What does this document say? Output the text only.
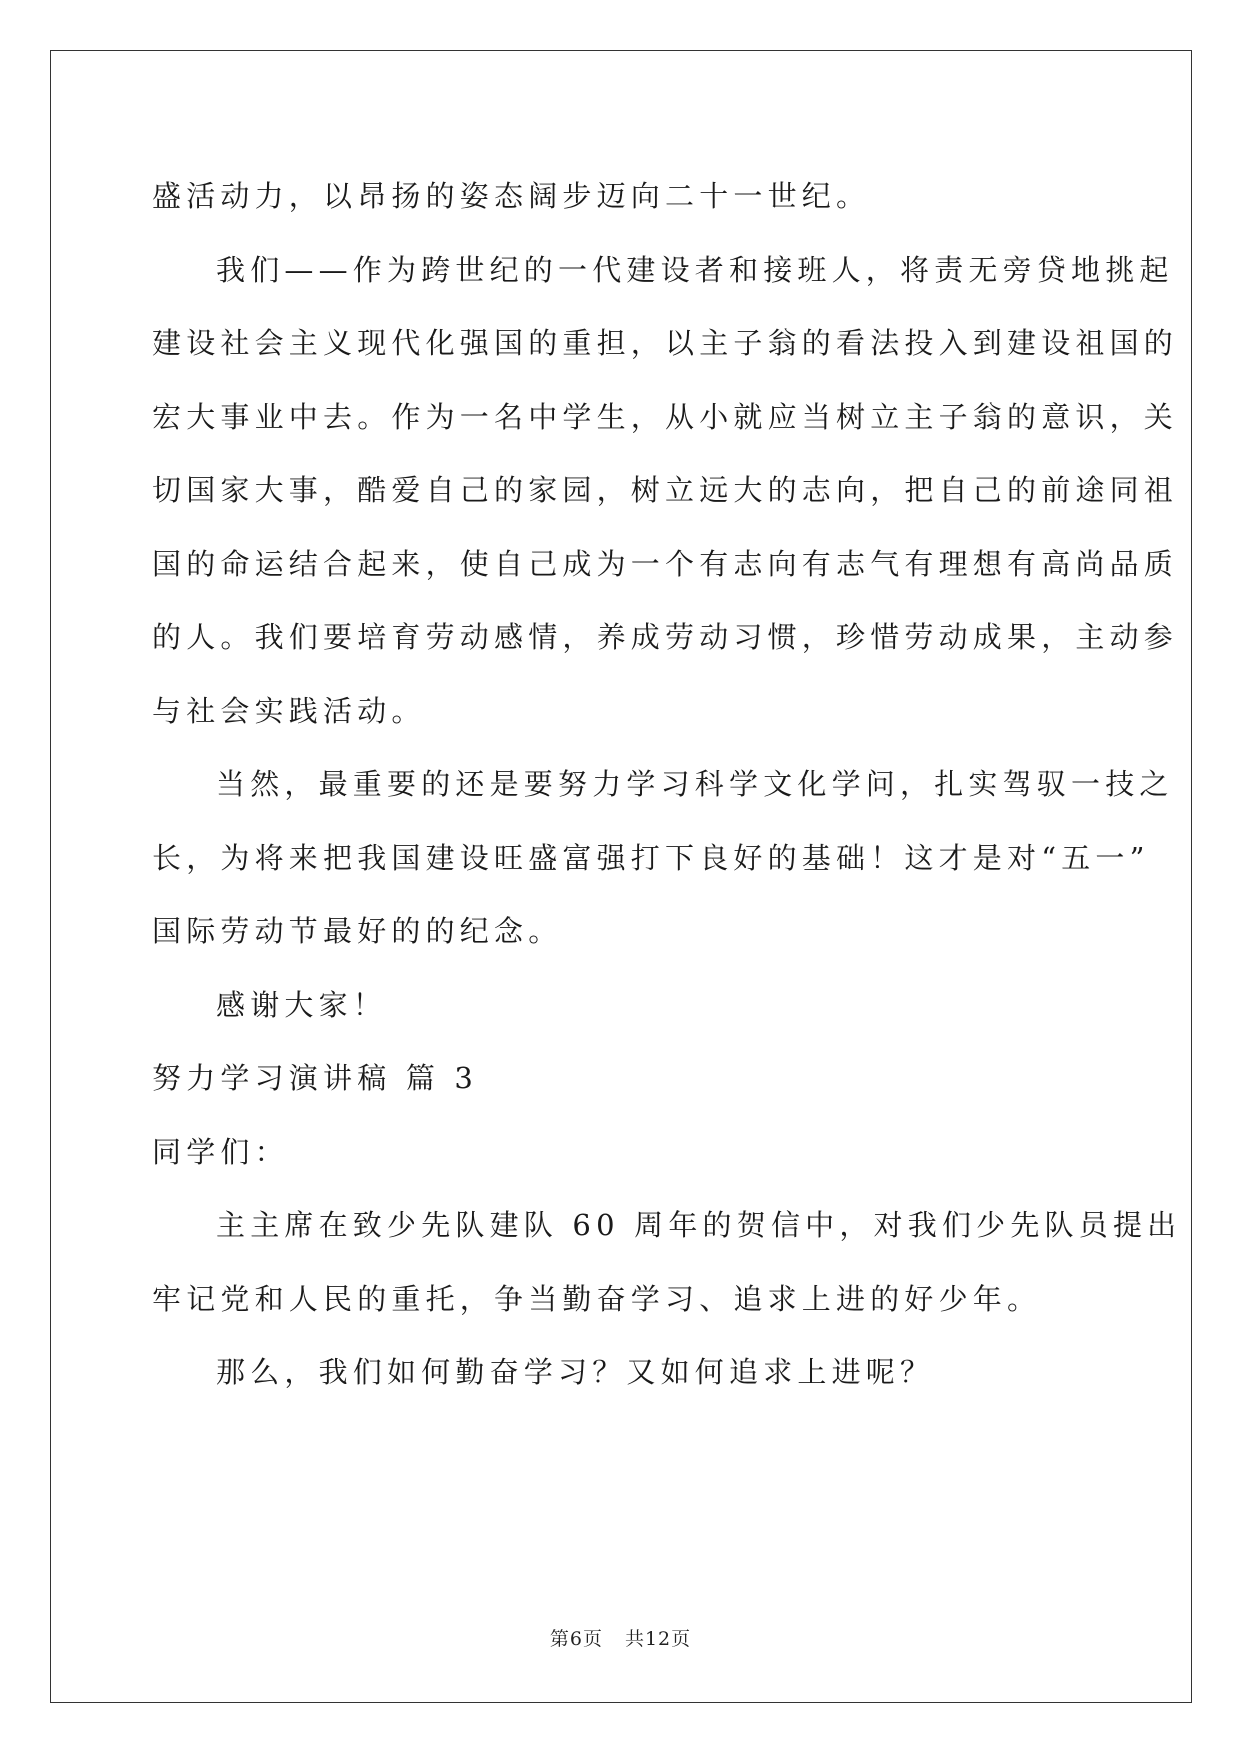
盛活动力，以昂扬的姿态阔步迈向二十一世纪。
我们——作为跨世纪的一代建设者和接班人，将责无旁贷地挑起
建设社会主义现代化强国的重担，以主子翁的看法投入到建设祖国的
宏大事业中去。作为一名中学生，从小就应当树立主子翁的意识，关
切国家大事，酷爱自己的家园，树立远大的志向，把自己的前途同祖
国的命运结合起来，使自己成为一个有志向有志气有理想有高尚品质
的人。我们要培育劳动感情，养成劳动习惯，珍惜劳动成果，主动参
与社会实践活动。
当然，最重要的还是要努力学习科学文化学问，扎实驾驭一技之
长，为将来把我国建设旺盛富强打下良好的基础！这才是对“五一”
国际劳动节最好的的纪念。
感谢大家！
努力学习演讲稿 篇 3
同学们：
主主席在致少先队建队 60 周年的贺信中，对我们少先队员提出
牢记党和人民的重托，争当勤奋学习、追求上进的好少年。
那么，我们如何勤奋学习？又如何追求上进呢？
第6页 共12页
